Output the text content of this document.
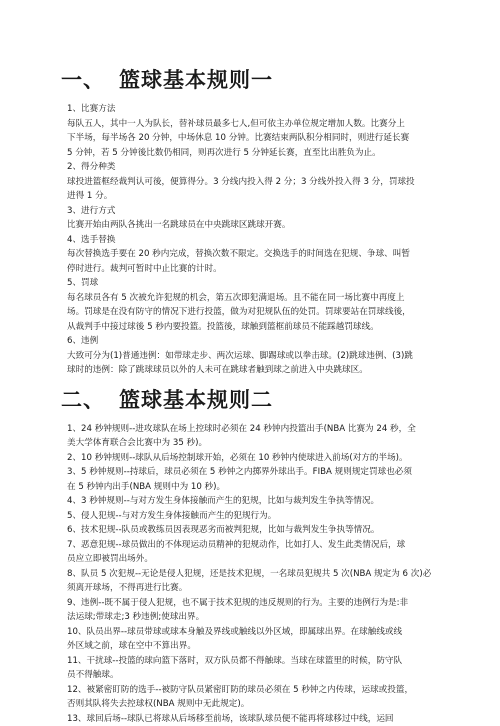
一、 篮球基本规则一
1、比赛方法

每队五人，其中一人为队长，替补球员最多七人,但可依主办单位规定增加人数。比赛分上

下半场，每半场各 20 分钟，中场休息 10 分钟。比赛结束两队积分相同时，则进行延长赛

5 分钟，若 5 分钟後比数仍相同，则再次进行 5 分钟延长赛，直至比出胜负为止。

2、得分种类

球投进篮框经裁判认可後，便算得分。3 分线内投入得 2 分；3 分线外投入得 3 分，罚球投

进得 1 分。

3、进行方式

比赛开始由两队各挑出一名跳球员在中央跳球区跳球开赛。

4、选手替换

每次替换选手要在 20 秒内完成，替换次数不限定。交换选手的时间选在犯规、争球、叫暂

停时进行。裁判可暂时中止比赛的计时。

5、罚球

每名球员各有 5 次被允许犯规的机会，第五次即犯满退场。且不能在同一场比赛中再度上

场。罚球是在没有防守的情况下进行投篮，做为对犯规队伍的处罚。罚球要站在罚球线後，

从裁判手中接过球後 5 秒内要投篮。投篮後，球触到篮框前球员不能踩越罚球线。

6、违例

大致可分为(1)普通违例：如带球走步、两次运球、脚踢球或以拳击球。(2)跳球违例、(3)跳

球时的违例：除了跳球球员以外的人未可在跳球者触到球之前进入中央跳球区。

二、 篮球基本规则二

1、24 秒钟规则--进攻球队在场上控球时必须在 24 秒钟内投篮出手(NBA 比赛为 24 秒，全

美大学体育联合会比赛中为 35 秒)。

2、10 秒钟规则--球队从后场控制球开始，必须在 10 秒钟内使球进入前场(对方的半场)。

3、5 秒钟规则--持球后，球员必须在 5 秒钟之内掷界外球出手。FIBA 规则规定罚球也必须

在 5 秒钟内出手(NBA 规则中为 10 秒)。

4、3 秒钟规则--与对方发生身体接触而产生的犯规，比如与裁判发生争执等情况。

5、侵人犯规--与对方发生身体接触而产生的犯规行为。

6、技术犯规--队员或教练员因表现恶劣而被判犯规，比如与裁判发生争执等情况。

7、恶意犯规--球员做出的不体现运动员精神的犯规动作，比如打人、发生此类情况后，球

员应立即被罚出场外。

8、队员 5 次犯规--无论是侵人犯规，还是技术犯规，一名球员犯规共 5 次(NBA 规定为 6 次)必

须离开球场，不得再进行比赛。

9、违例--既不属于侵人犯规，也不属于技术犯规的违反规则的行为。主要的违例行为是:非

法运球;带球走;3 秒违例;使球出界。

10、队员出界--球员带球或球本身触及界线或触线以外区域，即属球出界。在球触线或线

外区域之前，球在空中不算出界。

11、干扰球--投篮的球向篮下落时，双方队员都不得触球。当球在球篮里的时候，防守队

员不得触球。

12、被紧密盯防的选手--被防守队员紧密盯防的球员必须在 5 秒钟之内传球，运球或投篮，

否则其队将失去控球权(NBA 规则中无此规定)。

13、球回后场--球队已将球从后场移至前场，该球队球员便不能再将球移过中线，运回
